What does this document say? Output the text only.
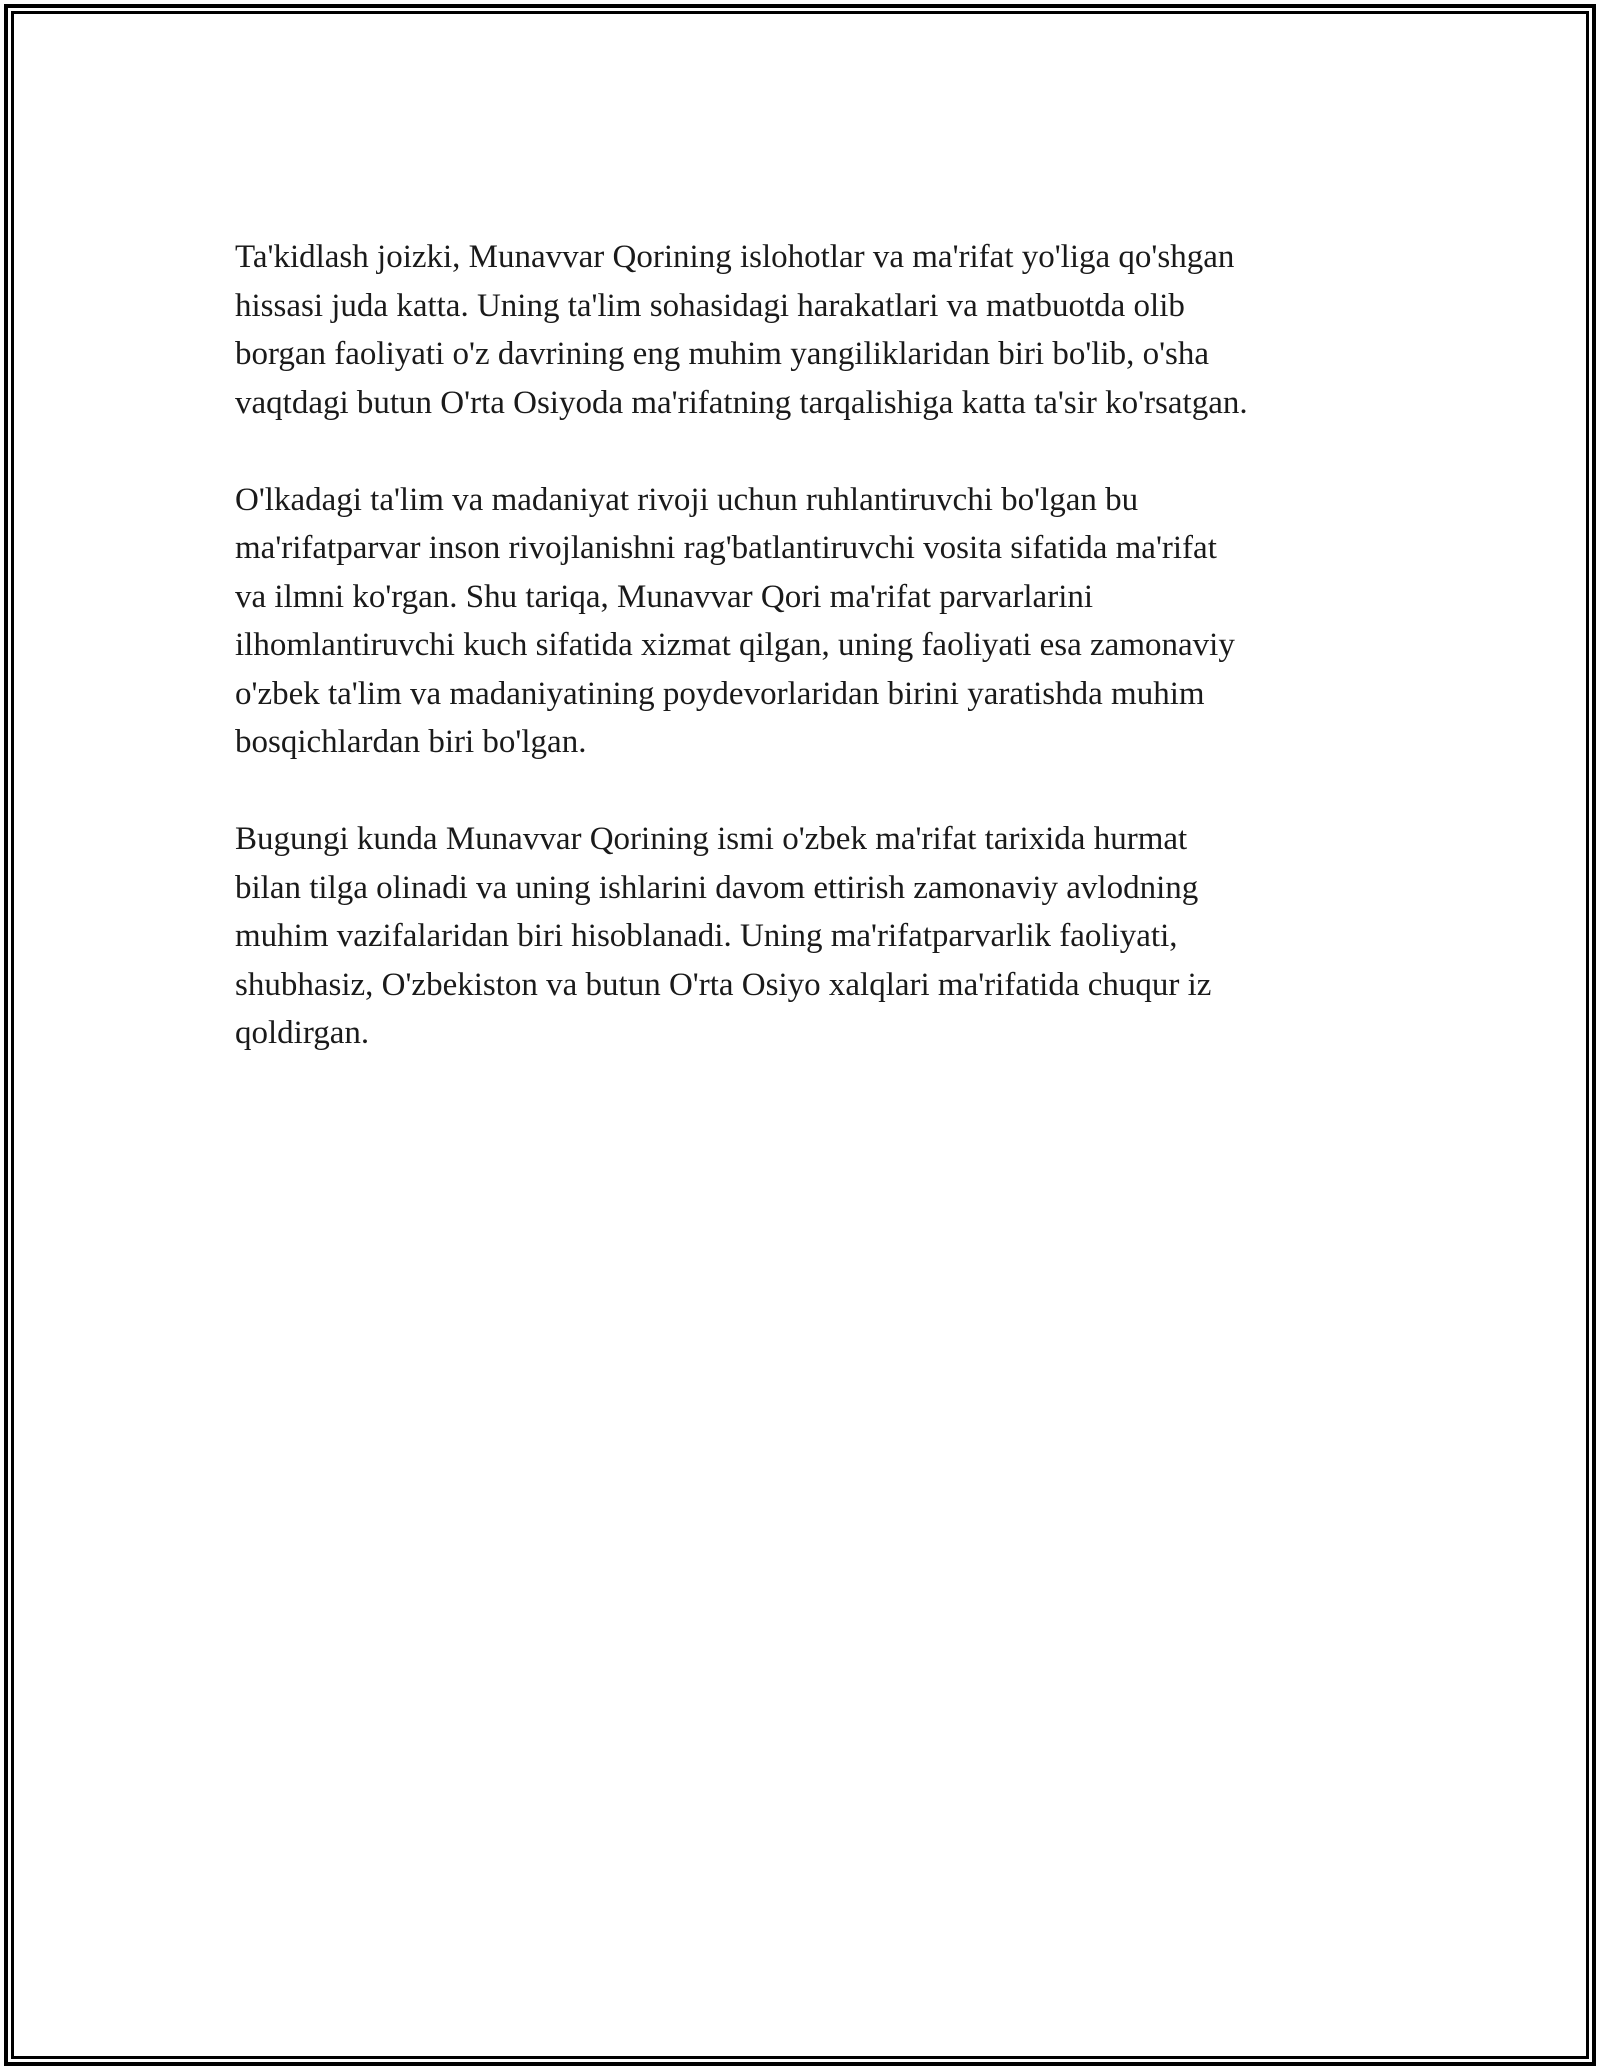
Ta'kidlash joizki, Munavvar Qorining islohotlar va ma'rifat yo'liga qo'shgan
hissasi juda katta. Uning ta'lim sohasidagi harakatlari va matbuotda olib
borgan faoliyati o'z davrining eng muhim yangiliklaridan biri bo'lib, o'sha
vaqtdagi butun O'rta Osiyoda ma'rifatning tarqalishiga katta ta'sir ko'rsatgan.

O'lkadagi ta'lim va madaniyat rivoji uchun ruhlantiruvchi bo'lgan bu
ma'rifatparvar inson rivojlanishni rag'batlantiruvchi vosita sifatida ma'rifat
va ilmni ko'rgan. Shu tariqa, Munavvar Qori ma'rifat parvarlarini
ilhomlantiruvchi kuch sifatida xizmat qilgan, uning faoliyati esa zamonaviy
o'zbek ta'lim va madaniyatining poydevorlaridan birini yaratishda muhim
bosqichlardan biri bo'lgan.

Bugungi kunda Munavvar Qorining ismi o'zbek ma'rifat tarixida hurmat
bilan tilga olinadi va uning ishlarini davom ettirish zamonaviy avlodning
muhim vazifalaridan biri hisoblanadi. Uning ma'rifatparvarlik faoliyati,
shubhasiz, O'zbekiston va butun O'rta Osiyo xalqlari ma'rifatida chuqur iz
qoldirgan.
